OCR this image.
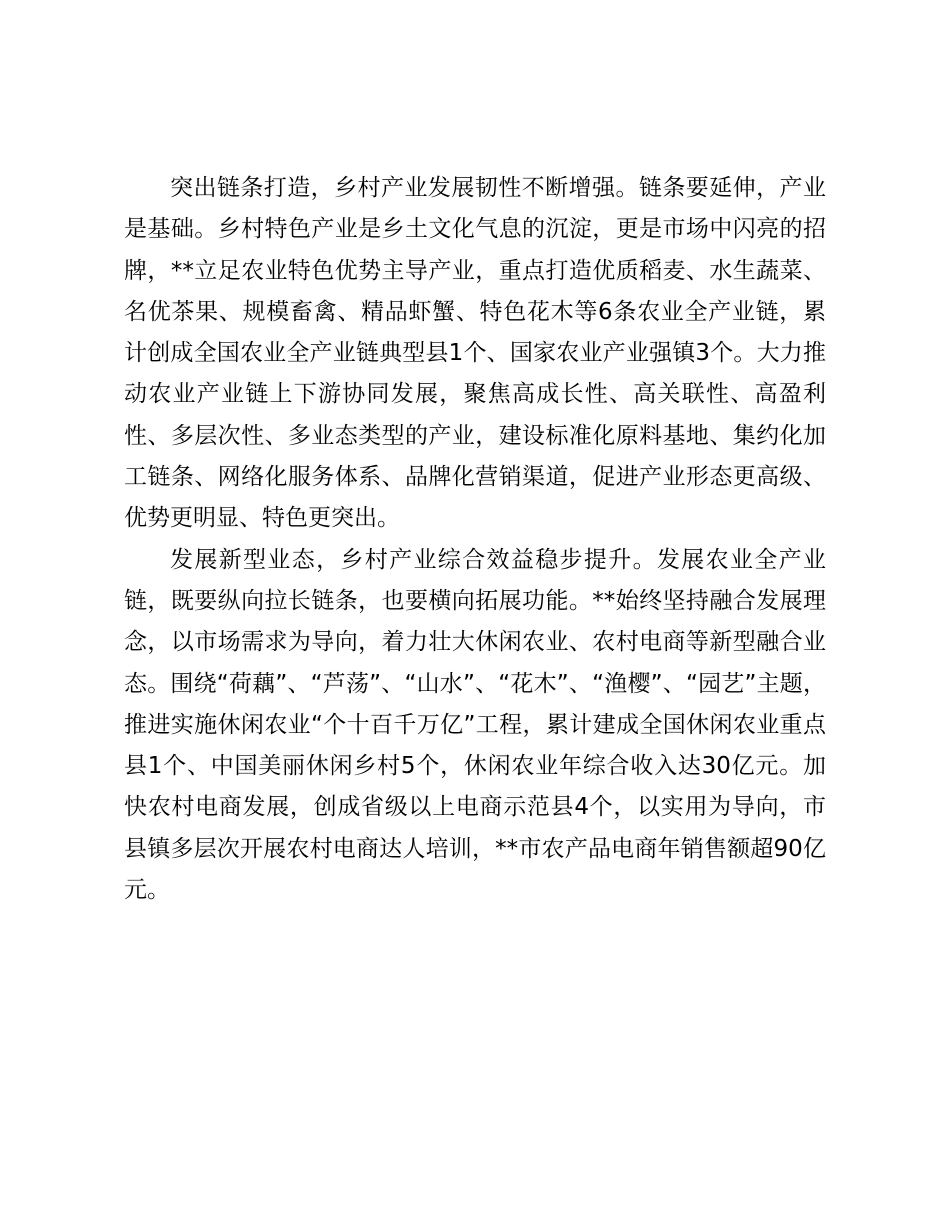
突出链条打造，乡村产业发展韧性不断增强。链条要延伸，产业是基础。乡村特色产业是乡土文化气息的沉淀，更是市场中闪亮的招牌，**立足农业特色优势主导产业，重点打造优质稻麦、水生蔬菜、名优茶果、规模畜禽、精品虾蟹、特色花木等6条农业全产业链，累计创成全国农业全产业链典型县1个、国家农业产业强镇3个。大力推动农业产业链上下游协同发展，聚焦高成长性、高关联性、高盈利性、多层次性、多业态类型的产业，建设标准化原料基地、集约化加工链条、网络化服务体系、品牌化营销渠道，促进产业形态更高级、优势更明显、特色更突出。

发展新型业态，乡村产业综合效益稳步提升。发展农业全产业链，既要纵向拉长链条，也要横向拓展功能。**始终坚持融合发展理念，以市场需求为导向，着力壮大休闲农业、农村电商等新型融合业态。围绕“荷藕”、“芦荡”、“山水”、“花木”、“渔樱”、“园艺”主题，推进实施休闲农业“个十百千万亿”工程，累计建成全国休闲农业重点县1个、中国美丽休闲乡村5个，休闲农业年综合收入达30亿元。加快农村电商发展，创成省级以上电商示范县4个，以实用为导向，市县镇多层次开展农村电商达人培训，**市农产品电商年销售额超90亿元。
